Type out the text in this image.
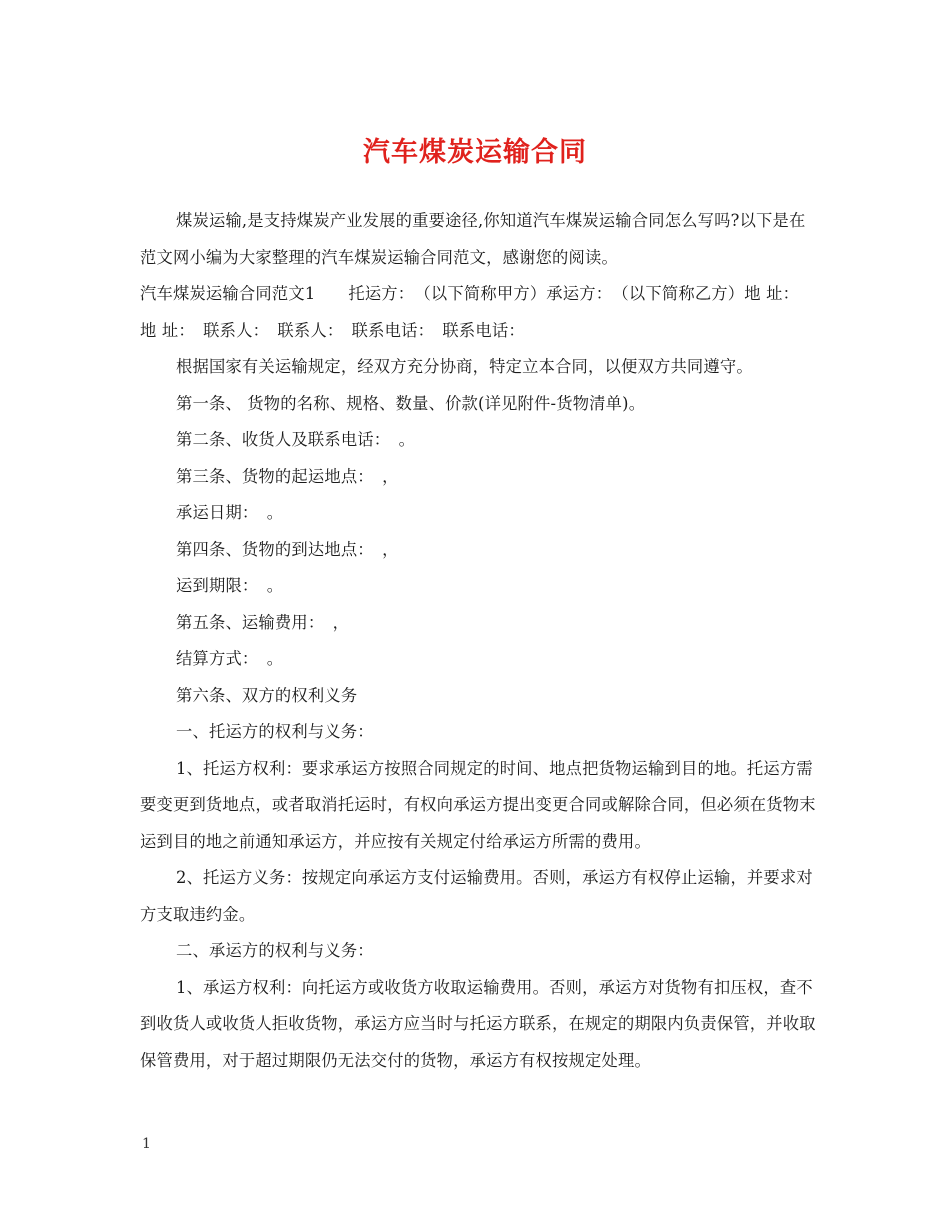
汽车煤炭运输合同

煤炭运输,是支持煤炭产业发展的重要途径,你知道汽车煤炭运输合同怎么写吗?以下是在范文网小编为大家整理的汽车煤炭运输合同范文，感谢您的阅读。

汽车煤炭运输合同范文1　　托运方：　（以下简称甲方）承运方：　（以下简称乙方）地 址：　地 址：　联系人：　联系人：　联系电话：　联系电话：

根据国家有关运输规定，经双方充分协商，特定立本合同，以便双方共同遵守。

第一条、 货物的名称、规格、数量、价款(详见附件-货物清单)。

第二条、收货人及联系电话：　。

第三条、货物的起运地点：　，

承运日期：　。

第四条、货物的到达地点：　，

运到期限：　。

第五条、运输费用：　，

结算方式：　。

第六条、双方的权利义务

一、托运方的权利与义务：

1、托运方权利：要求承运方按照合同规定的时间、地点把货物运输到目的地。托运方需要变更到货地点，或者取消托运时，有权向承运方提出变更合同或解除合同，但必须在货物末运到目的地之前通知承运方，并应按有关规定付给承运方所需的费用。

2、托运方义务：按规定向承运方支付运输费用。否则，承运方有权停止运输，并要求对方支取违约金。

二、承运方的权利与义务：

1、承运方权利：向托运方或收货方收取运输费用。否则，承运方对货物有扣压权，查不到收货人或收货人拒收货物，承运方应当时与托运方联系，在规定的期限内负责保管，并收取保管费用，对于超过期限仍无法交付的货物，承运方有权按规定处理。

1
